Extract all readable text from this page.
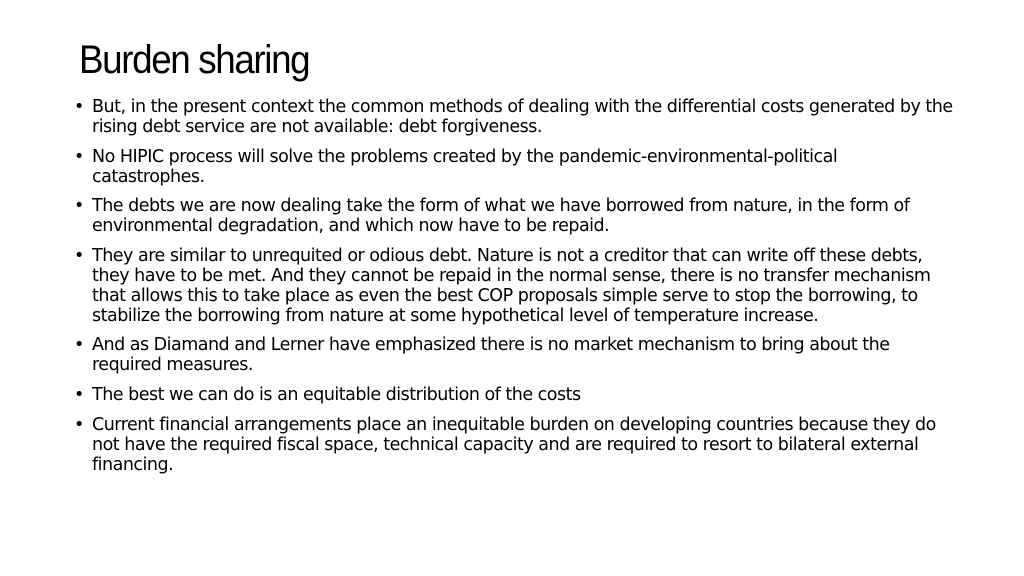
Burden sharing
• But, in the present context the common methods of dealing with the differential costs generated by the rising debt service are not available: debt forgiveness.
• No HIPIC process will solve the problems created by the pandemic-environmental-political catastrophes.
• The debts we are now dealing take the form of what we have borrowed from nature, in the form of environmental degradation, and which now have to be repaid.
• They are similar to unrequited or odious debt. Nature is not a creditor that can write off these debts, they have to be met. And they cannot be repaid in the normal sense, there is no transfer mechanism that allows this to take place as even the best COP proposals simple serve to stop the borrowing, to stabilize the borrowing from nature at some hypothetical level of temperature increase.
• And as Diamand and Lerner have emphasized there is no market mechanism to bring about the required measures.
• The best we can do is an equitable distribution of the costs
• Current financial arrangements place an inequitable burden on developing countries because they do not have the required fiscal space, technical capacity and are required to resort to bilateral external financing.
